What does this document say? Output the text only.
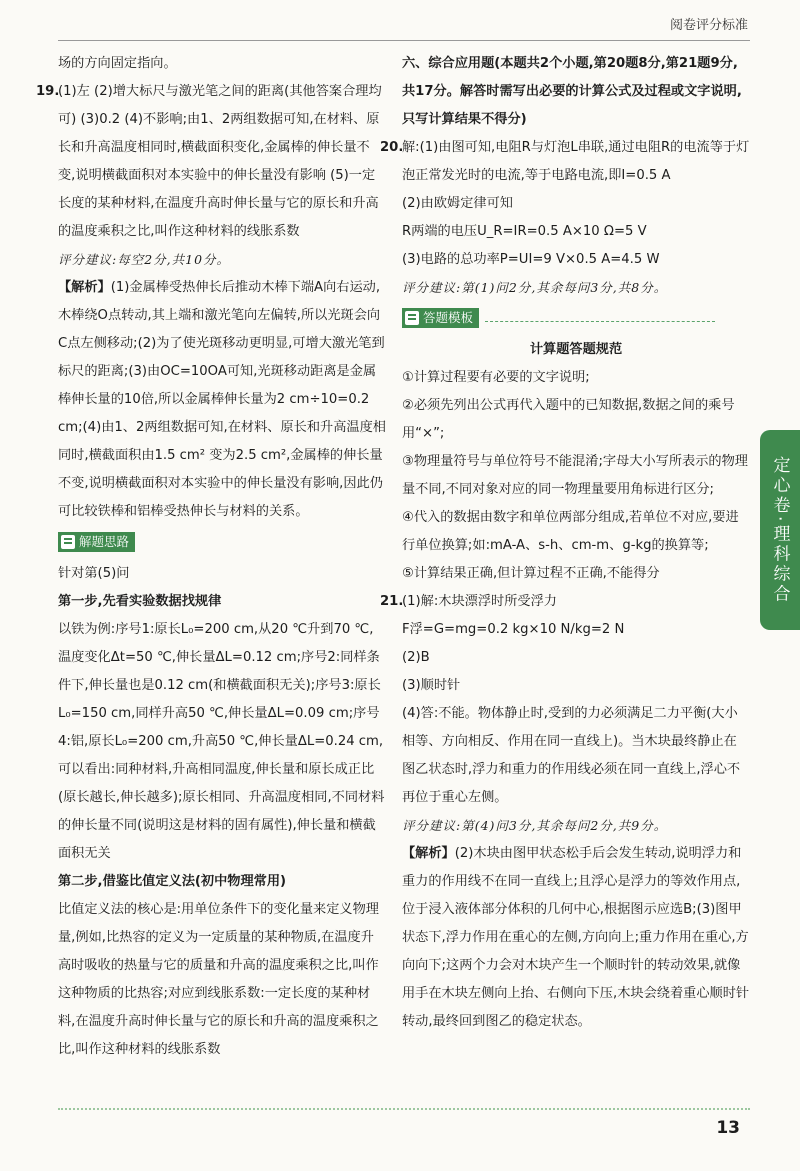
阅卷评分标准

场的方向固定指向。

19.

(1)左 (2)增大标尺与激光笔之间的距离(其他答案合理均可) (3)0.2 (4)不影响;由1、2两组数据可知,在材料、原长和升高温度相同时,横截面积变化,金属棒的伸长量不变,说明横截面积对本实验中的伸长量没有影响 (5)一定长度的某种材料,在温度升高时伸长量与它的原长和升高的温度乘积之比,叫作这种材料的线胀系数

评分建议:每空2分,共10分。

【解析】(1)金属棒受热伸长后推动木棒下端A向右运动,木棒绕O点转动,其上端和激光笔向左偏转,所以光斑会向C点左侧移动;(2)为了使光斑移动更明显,可增大激光笔到标尺的距离;(3)由OC=10OA可知,光斑移动距离是金属棒伸长量的10倍,所以金属棒伸长量为2 cm÷10=0.2 cm;(4)由1、2两组数据可知,在材料、原长和升高温度相同时,横截面积由1.5 cm² 变为2.5 cm²,金属棒的伸长量不变,说明横截面积对本实验中的伸长量没有影响,因此仍可比较铁棒和铝棒受热伸长与材料的关系。

解题思路

针对第(5)问

第一步,先看实验数据找规律

以铁为例:序号1:原长L₀=200 cm,从20 ℃升到70 ℃,温度变化Δt=50 ℃,伸长量ΔL=0.12 cm;序号2:同样条件下,伸长量也是0.12 cm(和横截面积无关);序号3:原长L₀=150 cm,同样升高50 ℃,伸长量ΔL=0.09 cm;序号4:铝,原长L₀=200 cm,升高50 ℃,伸长量ΔL=0.24 cm,可以看出:同种材料,升高相同温度,伸长量和原长成正比(原长越长,伸长越多);原长相同、升高温度相同,不同材料的伸长量不同(说明这是材料的固有属性),伸长量和横截面积无关

第二步,借鉴比值定义法(初中物理常用)

比值定义法的核心是:用单位条件下的变化量来定义物理量,例如,比热容的定义为一定质量的某种物质,在温度升高时吸收的热量与它的质量和升高的温度乘积之比,叫作这种物质的比热容;对应到线胀系数:一定长度的某种材料,在温度升高时伸长量与它的原长和升高的温度乘积之比,叫作这种材料的线胀系数

六、综合应用题(本题共2个小题,第20题8分,第21题9分,共17分。解答时需写出必要的计算公式及过程或文字说明,只写计算结果不得分)

20.

解:(1)由图可知,电阻R与灯泡L串联,通过电阻R的电流等于灯泡正常发光时的电流,等于电路电流,即I=0.5 A

(2)由欧姆定律可知

R两端的电压U_R=IR=0.5 A×10 Ω=5 V

(3)电路的总功率P=UI=9 V×0.5 A=4.5 W

评分建议:第(1)问2分,其余每问3分,共8分。

答题模板

计算题答题规范

①计算过程要有必要的文字说明;

②必须先列出公式再代入题中的已知数据,数据之间的乘号用“×”;

③物理量符号与单位符号不能混淆;字母大小写所表示的物理量不同,不同对象对应的同一物理量要用角标进行区分;

④代入的数据由数字和单位两部分组成,若单位不对应,要进行单位换算;如:mA-A、s-h、cm-m、g-kg的换算等;

⑤计算结果正确,但计算过程不正确,不能得分

21.

(1)解:木块漂浮时所受浮力

F浮=G=mg=0.2 kg×10 N/kg=2 N

(2)B

(3)顺时针

(4)答:不能。物体静止时,受到的力必须满足二力平衡(大小相等、方向相反、作用在同一直线上)。当木块最终静止在图乙状态时,浮力和重力的作用线必须在同一直线上,浮心不再位于重心左侧。

评分建议:第(4)问3分,其余每问2分,共9分。

【解析】(2)木块由图甲状态松手后会发生转动,说明浮力和重力的作用线不在同一直线上;且浮心是浮力的等效作用点,位于浸入液体部分体积的几何中心,根据图示应选B;(3)图甲状态下,浮力作用在重心的左侧,方向向上;重力作用在重心,方向向下;这两个力会对木块产生一个顺时针的转动效果,就像用手在木块左侧向上抬、右侧向下压,木块会绕着重心顺时针转动,最终回到图乙的稳定状态。

定心卷·理科综合
13
